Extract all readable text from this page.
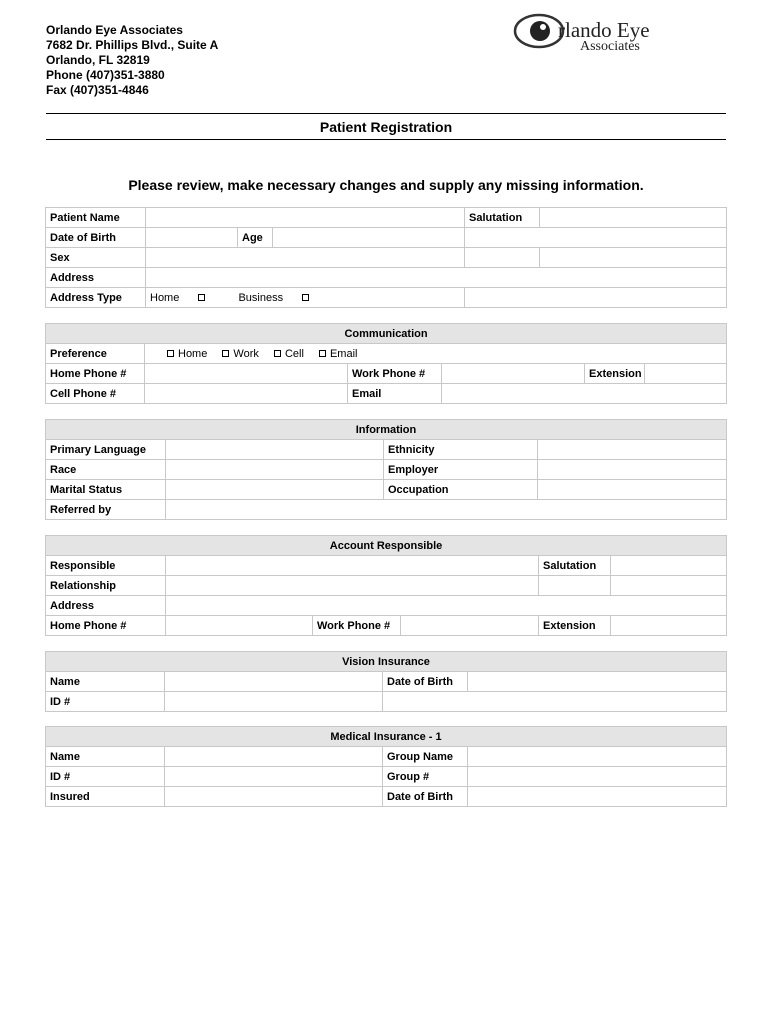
Orlando Eye Associates
7682 Dr. Phillips Blvd., Suite A
Orlando, FL 32819
Phone (407)351-3880
Fax (407)351-4846
rlando Eye
Associates
Patient Registration
Please review, make necessary changes and supply any missing information.
Patient Name				Salutation	
Date of Birth		Age			
Sex					
Address					
Address Type	Home Business				
Communication					
Preference	Home Work Cell Email				
Home Phone #		Work Phone #		Extension	
Cell Phone #		Email			
Information			
Primary Language		Ethnicity	
Race		Employer	
Marital Status		Occupation	
Referred by			
Account Responsible					
Responsible				Salutation	
Relationship					
Address					
Home Phone #		Work Phone #		Extension	
Vision Insurance			
Name		Date of Birth	
ID #			
Medical Insurance - 1			
Name		Group Name	
ID #		Group #	
Insured		Date of Birth	
